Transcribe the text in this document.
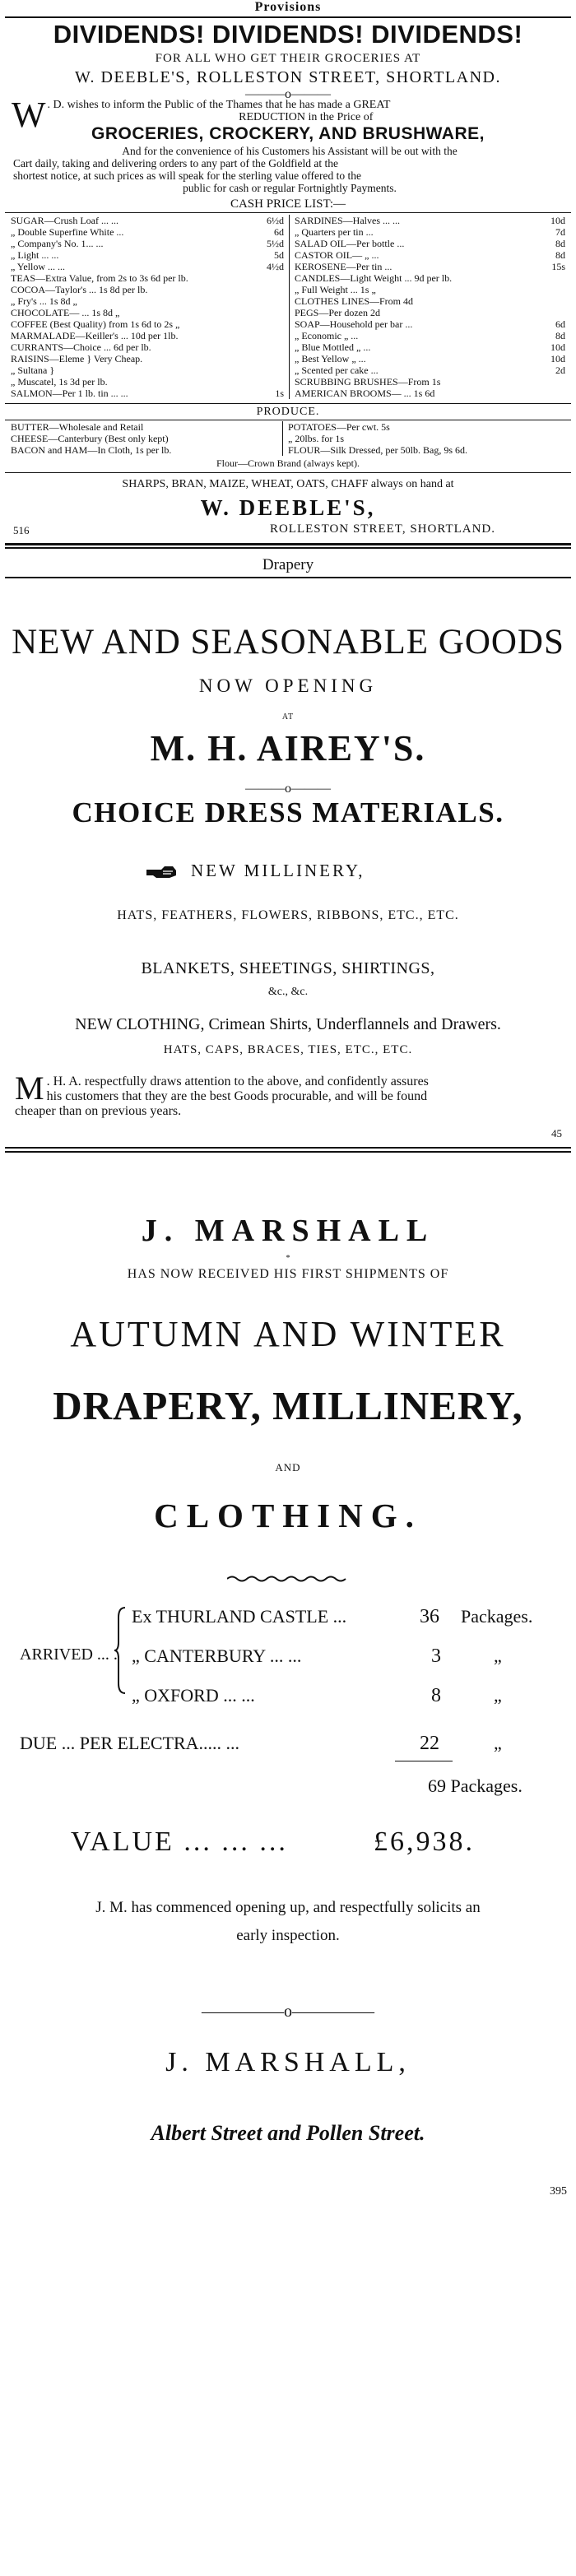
Provisions
DIVIDENDS! DIVIDENDS! DIVIDENDS!
FOR ALL WHO GET THEIR GROCERIES AT
W. DEEBLE'S, ROLLESTON STREET, SHORTLAND.
―――o―――
W . D. wishes to inform the Public of the Thames that he has made a GREAT
REDUCTION in the Price of
GROCERIES, CROCKERY, AND BRUSHWARE,
And for the convenience of his Customers his Assistant will be out with the
Cart daily, taking and delivering orders to any part of the Goldfield at the
shortest notice, at such prices as will speak for the sterling value offered to the
public for cash or regular Fortnightly Payments.
CASH PRICE LIST:—
SUGAR—Crush Loaf ... ...	6½d	SARDINES—Halves ... ...	10d
„ Double Superfine White ...	6d	„ Quarters per tin ...	7d
„ Company's No. 1... ...	5½d	SALAD OIL—Per bottle ...	8d
„ Light ... ...	5d	CASTOR OIL— „ ...	8d
„ Yellow ... ...	4½d	KEROSENE—Per tin ...	15s
TEAS—Extra Value, from 2s to 3s 6d per lb.		CANDLES—Light Weight ... 9d per lb.	
COCOA—Taylor's ... 1s 8d per lb.		„ Full Weight ... 1s „	
„ Fry's ... 1s 8d „		CLOTHES LINES—From 4d	
CHOCOLATE— ... 1s 8d „		PEGS—Per dozen 2d	
COFFEE (Best Quality) from 1s 6d to 2s „		SOAP—Household per bar ...	6d
MARMALADE—Keiller's ... 10d per 1lb.		„ Economic „ ...	8d
CURRANTS—Choice ... 6d per lb.		„ Blue Mottled „ ...	10d
RAISINS—Eleme } Very Cheap.		„ Best Yellow „ ...	10d
„ Sultana }		„ Scented per cake ...	2d
„ Muscatel, 1s 3d per lb.		SCRUBBING BRUSHES—From 1s	
SALMON—Per 1 lb. tin ... ...	1s	AMERICAN BROOMS— ... 1s 6d	
PRODUCE.
BUTTER—Wholesale and Retail	POTATOES—Per cwt. 5s
CHEESE—Canterbury (Best only kept)	„ 20lbs. for 1s
BACON and HAM—In Cloth, 1s per lb.	FLOUR—Silk Dressed, per 50lb. Bag, 9s 6d.
Flour—Crown Brand (always kept).
SHARPS, BRAN, MAIZE, WHEAT, OATS, CHAFF always on hand at
W. DEEBLE'S,
516	ROLLESTON STREET, SHORTLAND.
Drapery
NEW AND SEASONABLE GOODS
NOW OPENING
AT
M. H. AIREY'S.
―――o―――
CHOICE DRESS MATERIALS.
NEW MILLINERY,
HATS, FEATHERS, FLOWERS, RIBBONS, ETC., ETC.
BLANKETS, SHEETINGS, SHIRTINGS,
&c., &c.
NEW CLOTHING, Crimean Shirts, Underflannels and Drawers.
HATS, CAPS, BRACES, TIES, ETC., ETC.
M . H. A. respectfully draws attention to the above, and confidently assures
his customers that they are the best Goods procurable, and will be found
cheaper than on previous years.
45
J. MARSHALL
*
HAS NOW RECEIVED HIS FIRST SHIPMENTS OF
AUTUMN AND WINTER
DRAPERY, MILLINERY,
AND
CLOTHING.
ARRIVED ... .
Ex THURLAND CASTLE ...	36 Packages.
„ CANTERBURY ... ...	3	„
„ OXFORD ... ...	8	„
DUE ... PER ELECTRA..... ...	22	„
69 Packages.
VALUE ... ... ...	£6,938.
J. M. has commenced opening up, and respectfully solicits an
early inspection.
―――――o―――――
J. MARSHALL,
Albert Street and Pollen Street.
395
